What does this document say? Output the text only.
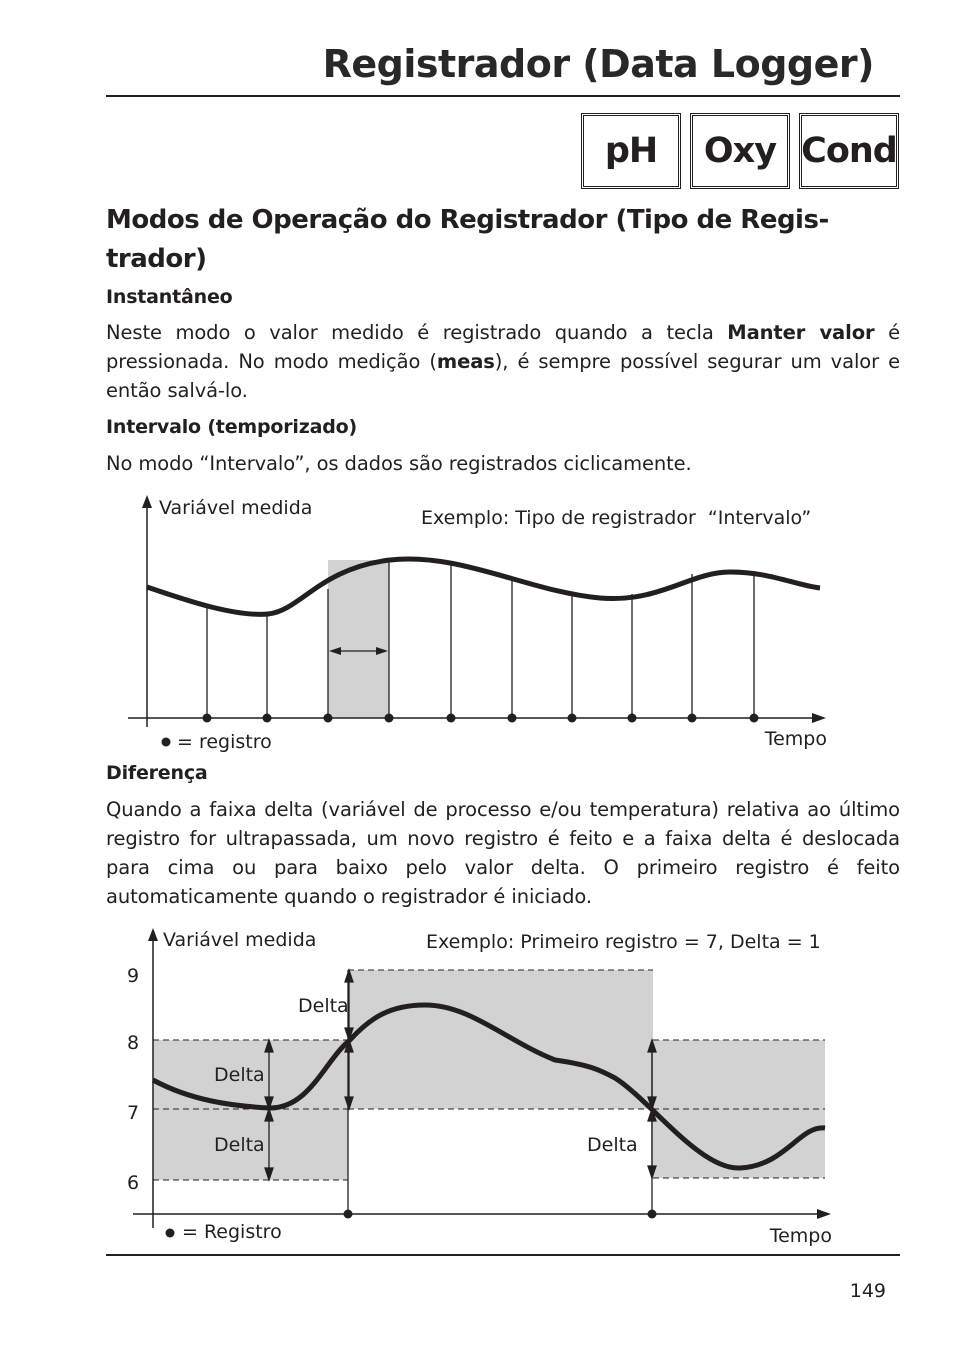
Registrador (Data Logger)
pH	Oxy Cond
Modos de Operação do Registrador (Tipo de Regis-
trador)
Instantâneo
Neste modo o valor medido é registrado quando a tecla Manter valor é pressionada. No modo medição (meas), é sempre possível segurar um valor e então salvá-lo.
Intervalo (temporizado)
No modo “Intervalo”, os dados são registrados ciclicamente.
Variável medida	Exemplo: Tipo de registrador  “Intervalo”
Tempo
= registro
Diferença
Quando a faixa delta (variável de processo e/ou temperatura) relativa ao último registro for ultrapassada, um novo registro é feito e a faixa delta é deslocada para cima ou para baixo pelo valor delta. O primeiro registro é feito automaticamente quando o registrador é iniciado.
Variável medida	Exemplo: Primeiro registro = 7, Delta = 1
9
8
7
6
Delta
Delta
Delta	Delta
Tempo
= Registro
149
